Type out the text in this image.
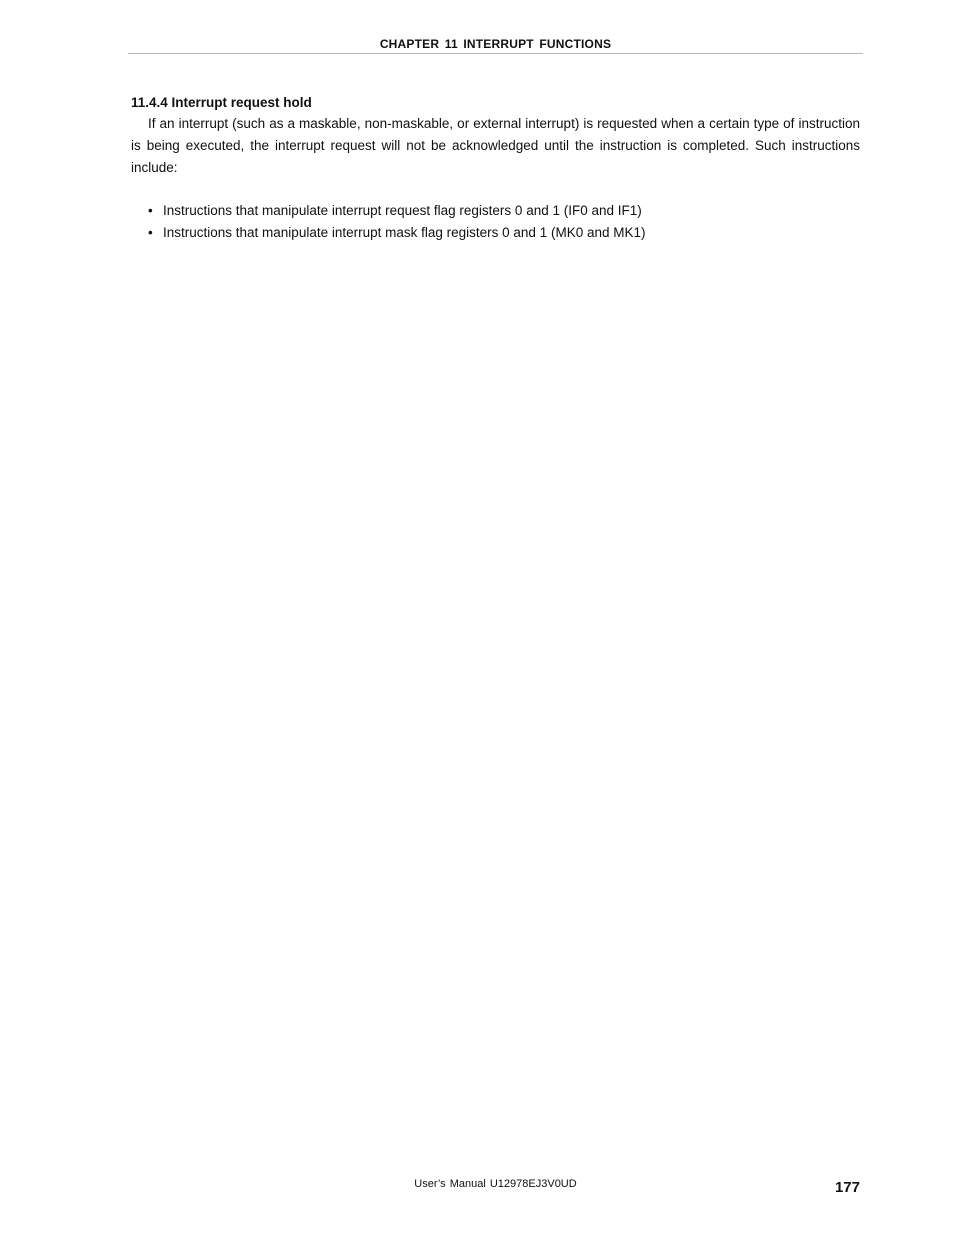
CHAPTER 11 INTERRUPT FUNCTIONS
11.4.4 Interrupt request hold

If an interrupt (such as a maskable, non-maskable, or external interrupt) is requested when a certain type of instruction is being executed, the interrupt request will not be acknowledged until the instruction is completed. Such instructions include:

• Instructions that manipulate interrupt request flag registers 0 and 1 (IF0 and IF1)
• Instructions that manipulate interrupt mask flag registers 0 and 1 (MK0 and MK1)
User’s Manual U12978EJ3V0UD	177
